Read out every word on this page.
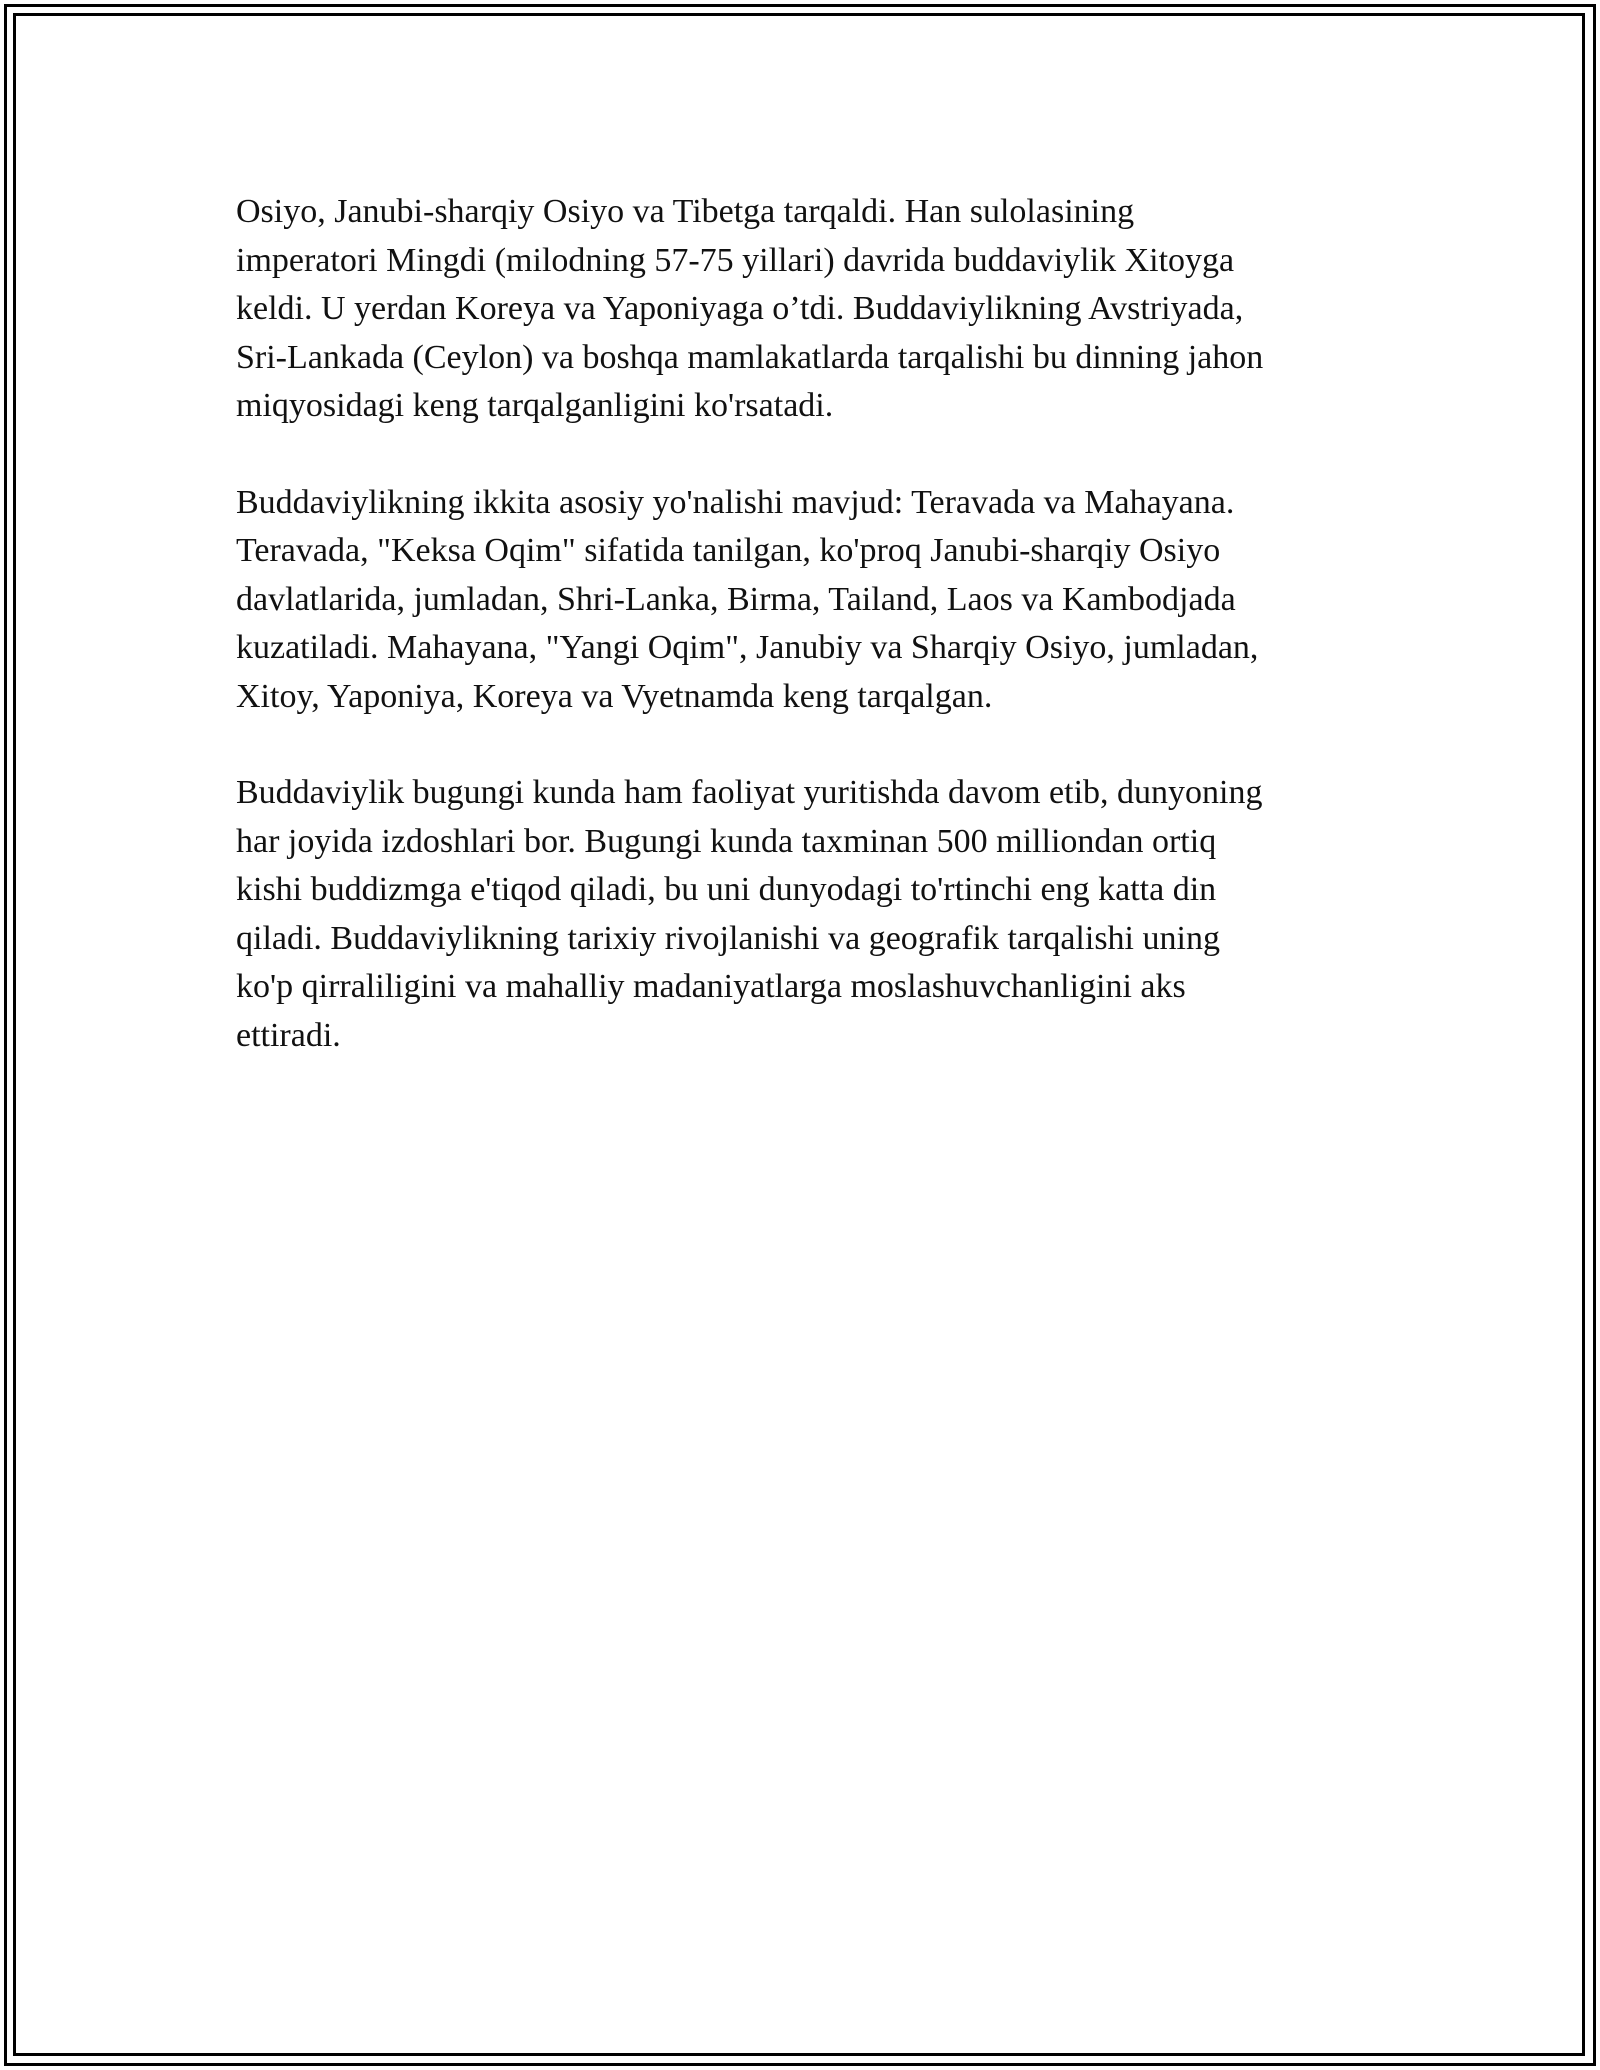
Osiyo, Janubi-sharqiy Osiyo va Tibetga tarqaldi. Han sulolasining
imperatori Mingdi (milodning 57-75 yillari) davrida buddaviylik Xitoyga
keldi. U yerdan Koreya va Yaponiyaga o’tdi. Buddaviylikning Avstriyada,
Sri-Lankada (Ceylon) va boshqa mamlakatlarda tarqalishi bu dinning jahon
miqyosidagi keng tarqalganligini ko'rsatadi.

Buddaviylikning ikkita asosiy yo'nalishi mavjud: Teravada va Mahayana.
Teravada, "Keksa Oqim" sifatida tanilgan, ko'proq Janubi-sharqiy Osiyo
davlatlarida, jumladan, Shri-Lanka, Birma, Tailand, Laos va Kambodjada
kuzatiladi. Mahayana, "Yangi Oqim", Janubiy va Sharqiy Osiyo, jumladan,
Xitoy, Yaponiya, Koreya va Vyetnamda keng tarqalgan.

Buddaviylik bugungi kunda ham faoliyat yuritishda davom etib, dunyoning
har joyida izdoshlari bor. Bugungi kunda taxminan 500 milliondan ortiq
kishi buddizmga e'tiqod qiladi, bu uni dunyodagi to'rtinchi eng katta din
qiladi. Buddaviylikning tarixiy rivojlanishi va geografik tarqalishi uning
ko'p qirraliligini va mahalliy madaniyatlarga moslashuvchanligini aks
ettiradi.
